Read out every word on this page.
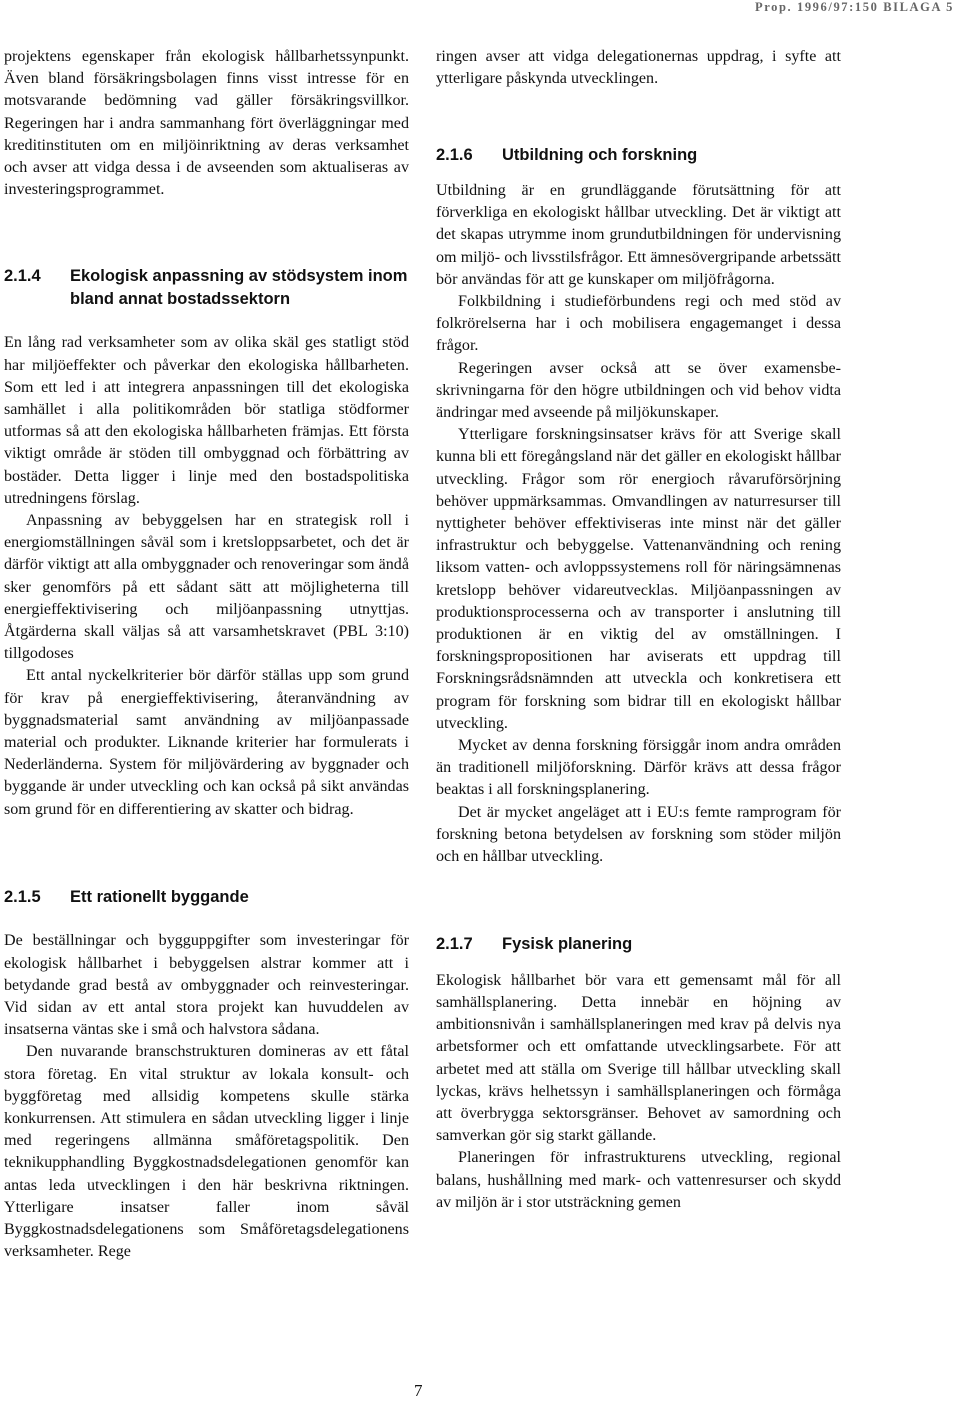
Prop. 1996/97:150 BILAGA 5

projektens egenskaper från ekologisk hållbarhetssynpunkt. Även bland försäkringsbolagen finns visst intresse för en motsvarande bedömning vad gäller försäkringsvillkor. Regeringen har i andra sammanhang fört överläggningar med kreditinstituten om en miljöinriktning av deras verksamhet och avser att vidga dessa i de avseenden som aktualiseras av investeringsprogrammet.

2.1.4	Ekologisk anpassning av stödsystem inom bland annat bostadssektorn

En lång rad verksamheter som av olika skäl ges statligt stöd har miljöeffekter och påverkar den ekologiska hållbarheten. Som ett led i att integrera anpassningen till det ekologiska samhället i alla politikområden bör statliga stödformer utformas så att den ekologiska hållbarheten främjas. Ett första viktigt område är stöden till ombyggnad och förbättring av bostäder. Detta ligger i linje med den bostadspolitiska utredningens förslag.

Anpassning av bebyggelsen har en strategisk roll i energiomställningen såväl som i kretsloppsarbetet, och det är därför viktigt att alla ombyggnader och renoveringar som ändå sker genomförs på ett sådant sätt att möjligheterna till energieffektivisering och miljöanpassning utnyttjas. Åtgärderna skall väljas så att varsamhetskravet (PBL 3:10) tillgodoses

Ett antal nyckelkriterier bör därför ställas upp som grund för krav på energieffektivisering, återanvändning av byggnadsmaterial samt användning av miljöanpassade material och produkter. Liknande kriterier har formulerats i Nederländerna. System för miljövärdering av byggnader och byggande är under utveckling och kan också på sikt användas som grund för en differentiering av skatter och bidrag.

2.1.5	Ett rationellt byggande

De beställningar och bygguppgifter som investeringar för ekologisk hållbarhet i bebyggelsen alstrar kommer att i betydande grad bestå av ombyggnader och reinvesteringar. Vid sidan av ett antal stora projekt kan huvuddelen av insatserna väntas ske i små och halvstora sådana.

Den nuvarande branschstrukturen domineras av ett fåtal stora företag. En vital struktur av lokala konsult- och byggföretag med allsidig kompetens skulle stärka konkurrensen. Att stimulera en sådan utveckling ligger i linje med regeringens allmänna småföretagspolitik. Den teknikupphandling Byggkostnadsdelegationen genomför kan antas leda utvecklingen i den här beskrivna riktningen. Ytterligare insatser faller inom såväl Byggkostnadsdelegationens som Småföretagsdelegationens verksamheter. Rege

ringen avser att vidga delegationernas uppdrag, i syfte att ytterligare påskynda utvecklingen.

2.1.6	Utbildning och forskning

Utbildning är en grundläggande förutsättning för att förverkliga en ekologiskt hållbar utveckling. Det är viktigt att det skapas utrymme inom grundutbildningen för undervisning om miljö- och livsstilsfrågor. Ett ämnesövergripande arbetssätt bör användas för att ge kunskaper om miljöfrågorna.

Folkbildning i studieförbundens regi och med stöd av folkrörelserna har i och mobilisera engagemanget i dessa frågor.

Regeringen avser också att se över examensbeskrivningarna för den högre utbildningen och vid behov vidta ändringar med avseende på miljökunskaper.

Ytterligare forskningsinsatser krävs för att Sverige skall kunna bli ett föregångsland när det gäller en ekologiskt hållbar utveckling. Frågor som rör energioch råvaruförsörjning behöver uppmärksammas. Omvandlingen av naturresurser till nyttigheter behöver effektiviseras inte minst när det gäller infrastruktur och bebyggelse. Vattenanvändning och rening liksom vatten- och avloppssystemens roll för näringsämnenas kretslopp behöver vidareutvecklas. Miljöanpassningen av produktionsprocesserna och av transporter i anslutning till produktionen är en viktig del av omställningen. I forskningspropositionen har aviserats ett uppdrag till Forskningsrådsnämnden att utveckla och konkretisera ett program för forskning som bidrar till en ekologiskt hållbar utveckling.

Mycket av denna forskning försiggår inom andra områden än traditionell miljöforskning. Därför krävs att dessa frågor beaktas i all forskningsplanering.

Det är mycket angeläget att i EU:s femte ramprogram för forskning betona betydelsen av forskning som stöder miljön och en hållbar utveckling.

2.1.7	Fysisk planering

Ekologisk hållbarhet bör vara ett gemensamt mål för all samhällsplanering. Detta innebär en höjning av ambitionsnivån i samhällsplaneringen med krav på delvis nya arbetsformer och ett omfattande utvecklingsarbete. För att arbetet med att ställa om Sverige till hållbar utveckling skall lyckas, krävs helhetssyn i samhällsplaneringen och förmåga att överbrygga sektorsgränser. Behovet av samordning och samverkan gör sig starkt gällande.

Planeringen för infrastrukturens utveckling, regional balans, hushållning med mark- och vattenresurser och skydd av miljön är i stor utsträckning gemen

7
